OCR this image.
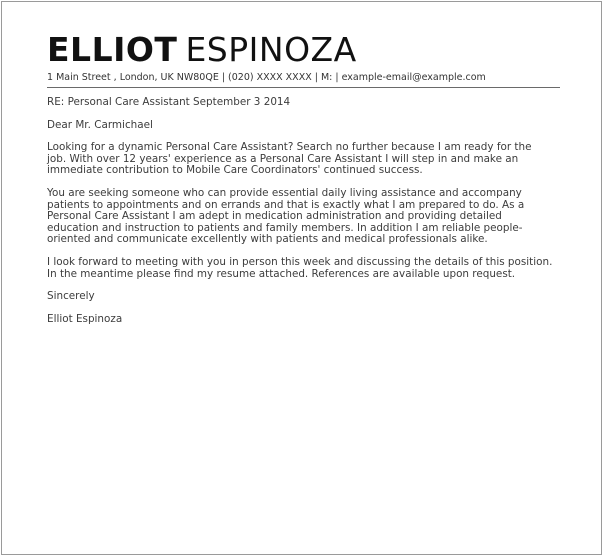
ELLIOT ESPINOZA
1 Main Street , London, UK NW80QE | (020) XXXX XXXX | M: | example-email@example.com

RE: Personal Care Assistant September 3 2014

Dear Mr. Carmichael

Looking for a dynamic Personal Care Assistant? Search no further because I am ready for the
job. With over 12 years' experience as a Personal Care Assistant I will step in and make an
immediate contribution to Mobile Care Coordinators' continued success.

You are seeking someone who can provide essential daily living assistance and accompany
patients to appointments and on errands and that is exactly what I am prepared to do. As a
Personal Care Assistant I am adept in medication administration and providing detailed
education and instruction to patients and family members. In addition I am reliable people-
oriented and communicate excellently with patients and medical professionals alike.

I look forward to meeting with you in person this week and discussing the details of this position.
In the meantime please find my resume attached. References are available upon request.

Sincerely

Elliot Espinoza
